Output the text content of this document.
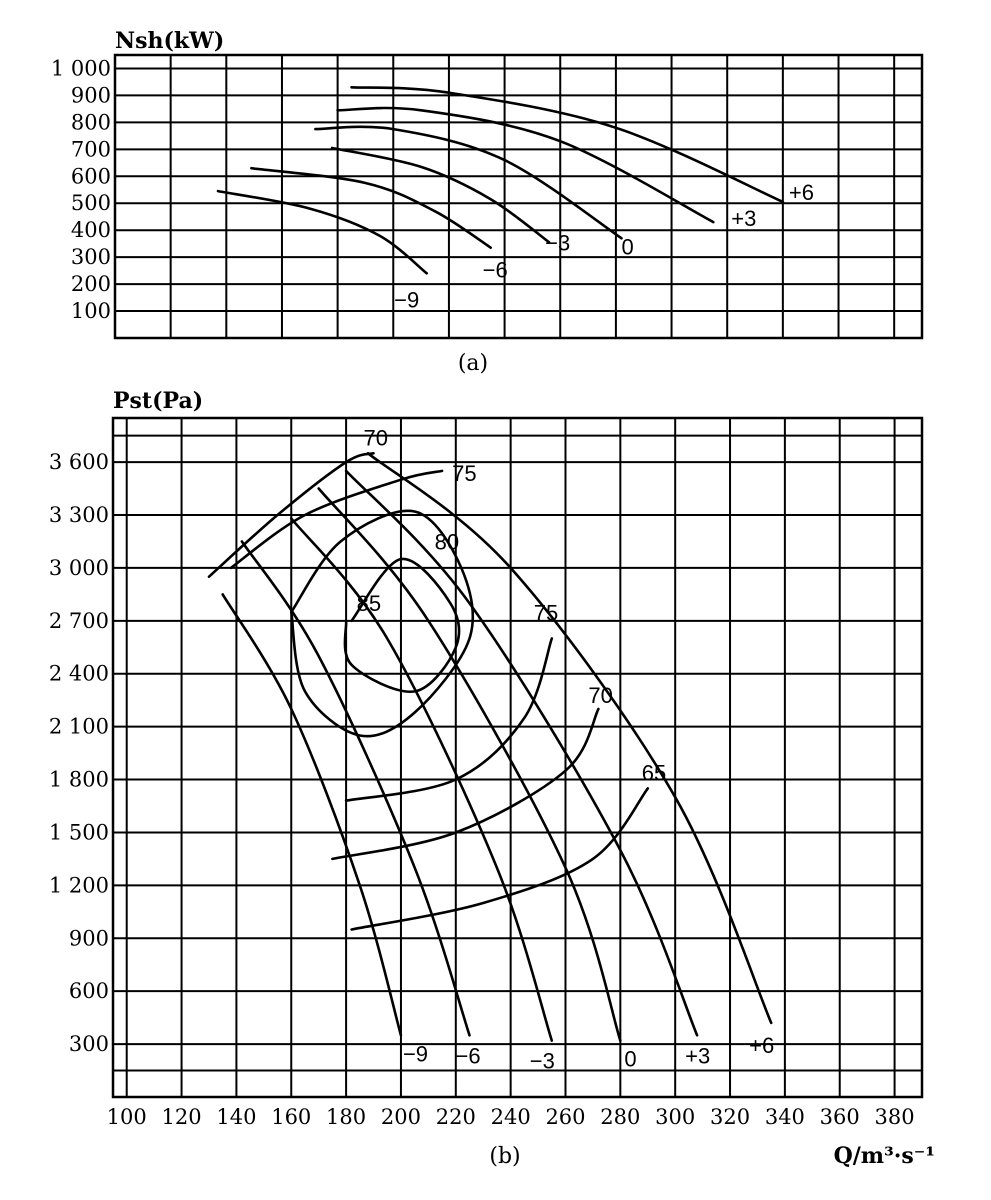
100
200
300
400
500
600
700
800
900
1 000
−9
−6
−3 0
+3
+6
Nsh(kW)
(a)
300
600
900
1 200
1 500
1 800
2 100
2 400
2 700
3 000
3 300
3 600
100 120 140 160 180 200 220 240 260 280 300 320 340 360 380
−9 −6 −3	0 +3 +6
85
80
75
75
70
70
65
Pst(Pa)
(b)	Q/m³·s⁻¹
